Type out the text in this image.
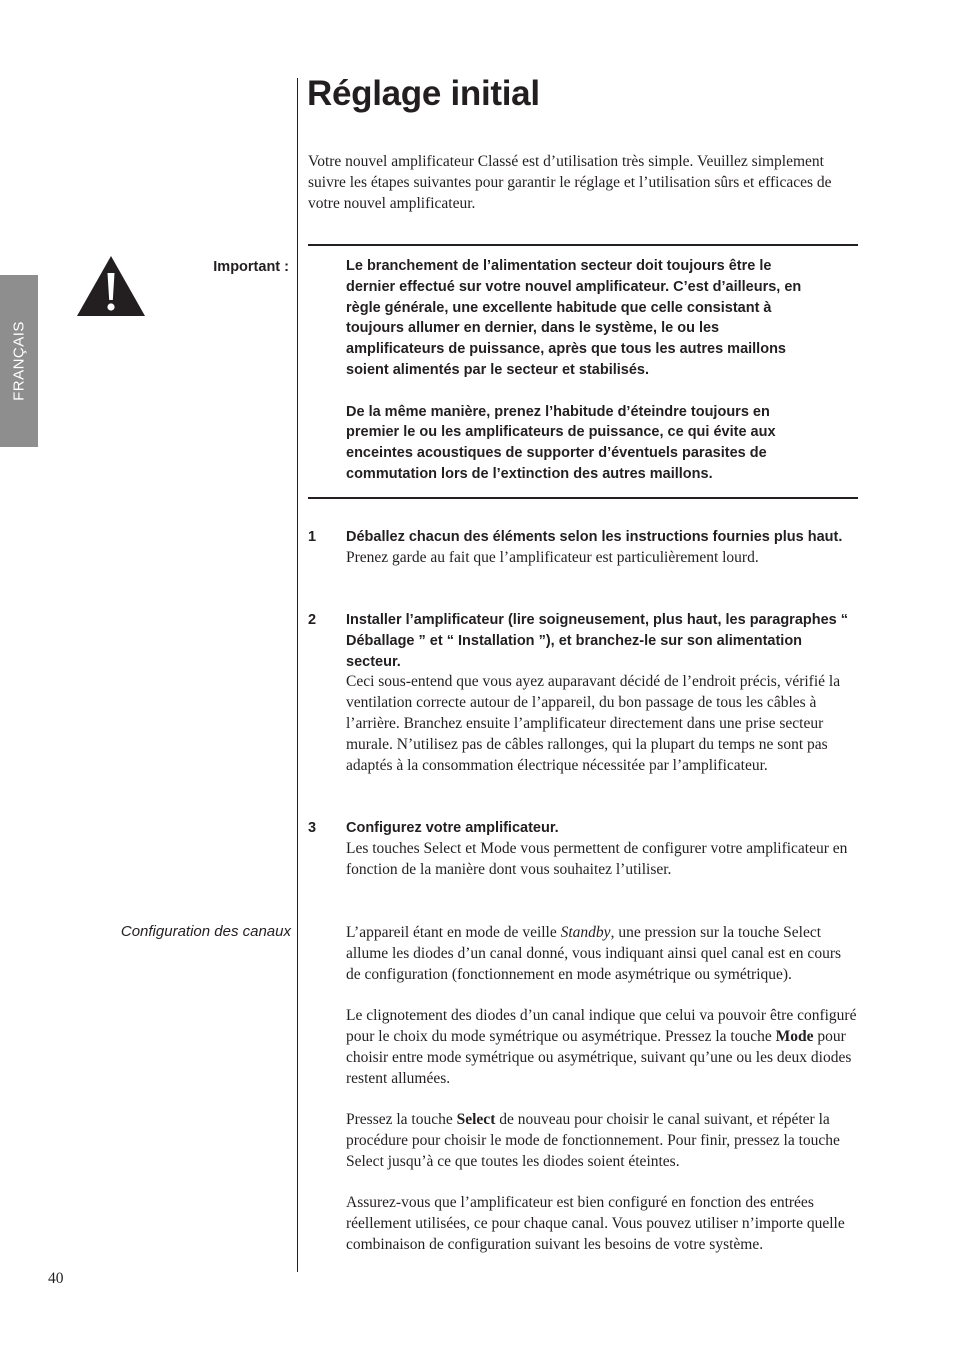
FRANÇAIS
Réglage initial

Votre nouvel amplificateur Classé est d’utilisation très simple. Veuillez simplement suivre les étapes suivantes pour garantir le réglage et l’utilisation sûrs et efficaces de votre nouvel amplificateur.

Important :	Le branchement de l’alimentation secteur doit toujours être le dernier effectué sur votre nouvel amplificateur. C’est d’ailleurs, en règle générale, une excellente habitude que celle consistant à toujours allumer en dernier, dans le système, le ou les amplificateurs de puissance, après que tous les autres maillons soient alimentés par le secteur et stabilisés.

De la même manière, prenez l’habitude d’éteindre toujours en premier le ou les amplificateurs de puissance, ce qui évite aux enceintes acoustiques de supporter d’éventuels parasites de commutation lors de l’extinction des autres maillons.

1 Déballez chacun des éléments selon les instructions fournies plus haut.
Prenez garde au fait que l’amplificateur est particulièrement lourd.
2 Installer l’amplificateur (lire soigneusement, plus haut, les paragraphes “ Déballage ” et “ Installation ”), et branchez-le sur son alimentation secteur.
Ceci sous-entend que vous ayez auparavant décidé de l’endroit précis, vérifié la ventilation correcte autour de l’appareil, du bon passage de tous les câbles à l’arrière. Branchez ensuite l’amplificateur directement dans une prise secteur murale. N’utilisez pas de câbles rallonges, qui la plupart du temps ne sont pas adaptés à la consommation électrique nécessitée par l’amplificateur.
3 Configurez votre amplificateur.
Les touches Select et Mode vous permettent de configurer votre amplificateur en fonction de la manière dont vous souhaitez l’utiliser.
Configuration des canaux	L’appareil étant en mode de veille Standby, une pression sur la touche Select allume les diodes d’un canal donné, vous indiquant ainsi quel canal est en cours de configuration (fonctionnement en mode asymétrique ou symétrique).

Le clignotement des diodes d’un canal indique que celui va pouvoir être configuré pour le choix du mode symétrique ou asymétrique. Pressez la touche Mode pour choisir entre mode symétrique ou asymétrique, suivant qu’une ou les deux diodes restent allumées.

Pressez la touche Select de nouveau pour choisir le canal suivant, et répéter la procédure pour choisir le mode de fonctionnement. Pour finir, pressez la touche Select jusqu’à ce que toutes les diodes soient éteintes.

Assurez-vous que l’amplificateur est bien configuré en fonction des entrées réellement utilisées, ce pour chaque canal. Vous pouvez utiliser n’importe quelle combinaison de configuration suivant les besoins de votre système.

40
